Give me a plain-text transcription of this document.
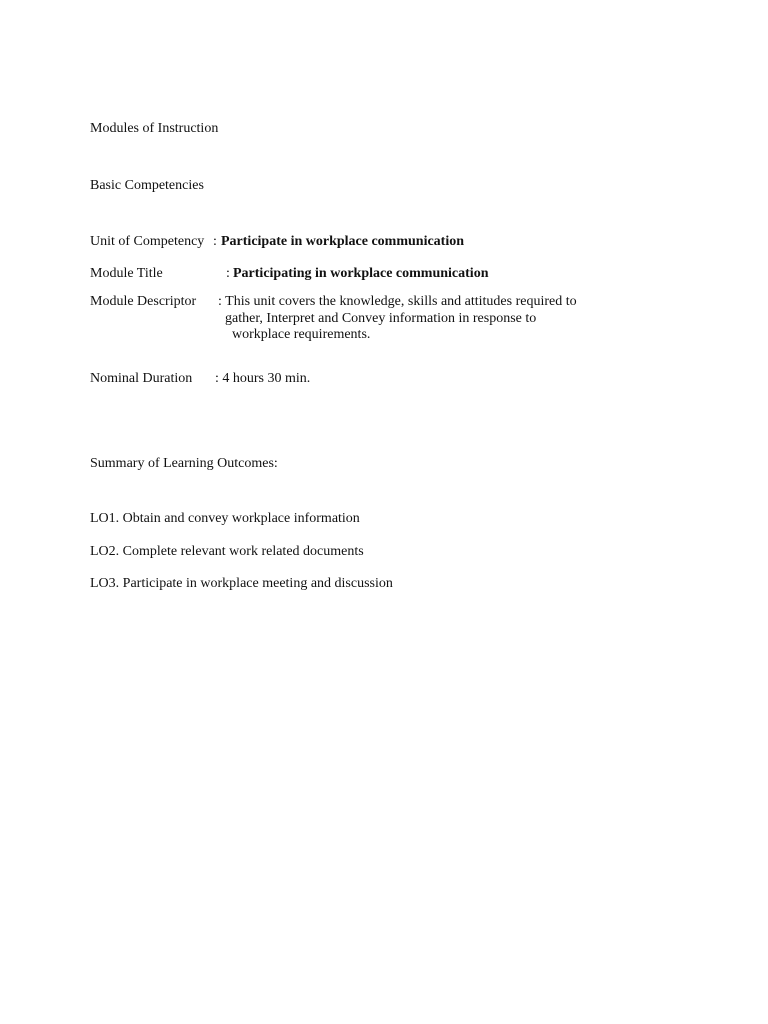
Modules of Instruction
Basic Competencies
Unit of Competency : Participate in workplace communication
Module Title	: Participating in workplace communication
Module Descriptor : This unit covers the knowledge, skills and attitudes required to
gather, Interpret and Convey information in response to
workplace requirements.
Nominal Duration : 4 hours 30 min.
Summary of Learning Outcomes:
LO1. Obtain and convey workplace information
LO2. Complete relevant work related documents
LO3. Participate in workplace meeting and discussion
